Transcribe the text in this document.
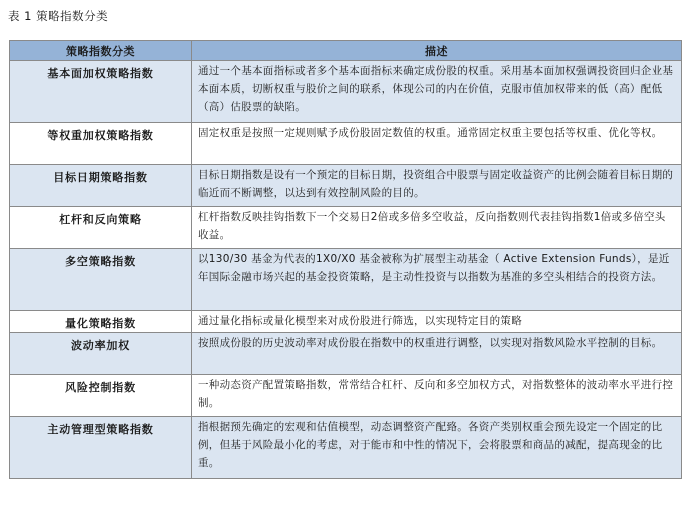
表 1 策略指数分类
策略指数分类	描述
基本面加权策略指数	通过一个基本面指标或者多个基本面指标来确定成份股的权重。采用基本面加权强调投资回归企业基本面本质，切断权重与股价之间的联系，体现公司的内在价值，克服市值加权带来的低（高）配低（高）估股票的缺陷。
等权重加权策略指数	固定权重是按照一定规则赋予成份股固定数值的权重。通常固定权重主要包括等权重、优化等权。
目标日期策略指数	目标日期指数是设有一个预定的目标日期，投资组合中股票与固定收益资产的比例会随着目标日期的临近而不断调整，以达到有效控制风险的目的。
杠杆和反向策略	杠杆指数反映挂钩指数下一个交易日2倍或多倍多空收益，反向指数则代表挂钩指数1倍或多倍空头收益。
多空策略指数	以130/30 基金为代表的1X0/X0 基金被称为扩展型主动基金（ Active Extension Funds），是近年国际金融市场兴起的基金投资策略，是主动性投资与以指数为基准的多空头相结合的投资方法。
量化策略指数	通过量化指标或量化模型来对成份股进行筛选，以实现特定目的策略
波动率加权	按照成份股的历史波动率对成份股在指数中的权重进行调整，以实现对指数风险水平控制的目标。
风险控制指数	一种动态资产配置策略指数，常常结合杠杆、反向和多空加权方式，对指数整体的波动率水平进行控制。
主动管理型策略指数	指根据预先确定的宏观和估值模型，动态调整资产配臵。各资产类别权重会预先设定一个固定的比例，但基于风险最小化的考虑，对于能市和中性的情况下，会将股票和商品的减配，提高现金的比重。
